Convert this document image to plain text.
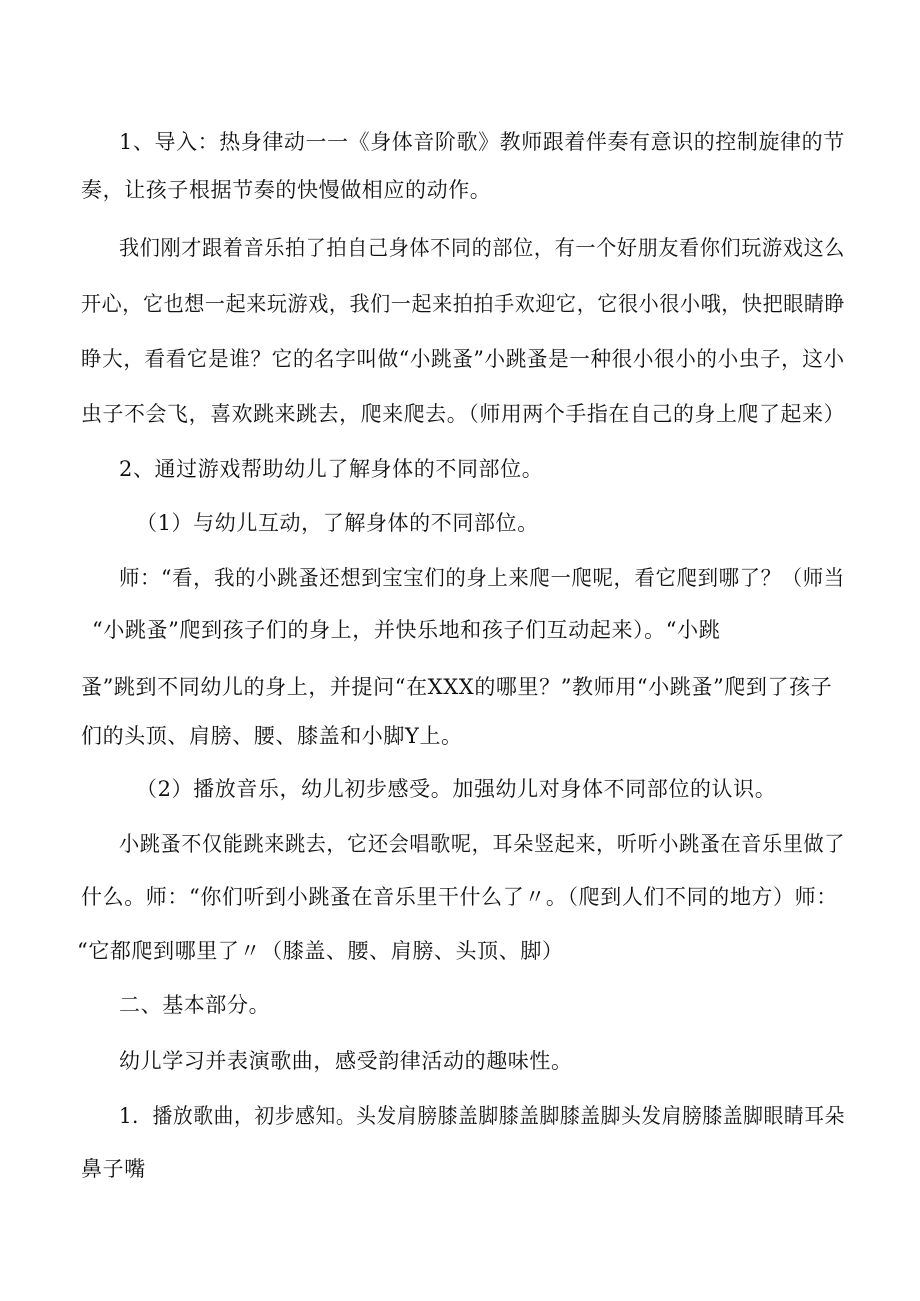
1、导入：热身律动一一《身体音阶歌》教师跟着伴奏有意识的控制旋律的节
奏，让孩子根据节奏的快慢做相应的动作。
我们刚才跟着音乐拍了拍自己身体不同的部位，有一个好朋友看你们玩游戏这么
开心，它也想一起来玩游戏，我们一起来拍拍手欢迎它，它很小很小哦，快把眼睛睁
睁大，看看它是谁？它的名字叫做“小跳蚤”小跳蚤是一种很小很小的小虫子，这小
虫子不会飞，喜欢跳来跳去，爬来爬去。（师用两个手指在自己的身上爬了起来）
2、通过游戏帮助幼儿了解身体的不同部位。
（1）与幼儿互动，了解身体的不同部位。
师：“看，我的小跳蚤还想到宝宝们的身上来爬一爬呢，看它爬到哪了？（师当
“小跳蚤”爬到孩子们的身上，并快乐地和孩子们互动起来）。“小跳
蚤”跳到不同幼儿的身上，并提问“在XXX的哪里？”教师用“小跳蚤”爬到了孩子
们的头顶、肩膀、腰、膝盖和小脚Y上。
（2）播放音乐，幼儿初步感受。加强幼儿对身体不同部位的认识。
小跳蚤不仅能跳来跳去，它还会唱歌呢，耳朵竖起来，听听小跳蚤在音乐里做了
什么。师：“你们听到小跳蚤在音乐里干什么了〃。（爬到人们不同的地方）师：
“它都爬到哪里了〃（膝盖、腰、肩膀、头顶、脚）
二、基本部分。
幼儿学习并表演歌曲，感受韵律活动的趣味性。
1．播放歌曲，初步感知。头发肩膀膝盖脚膝盖脚膝盖脚头发肩膀膝盖脚眼睛耳朵
鼻子嘴
